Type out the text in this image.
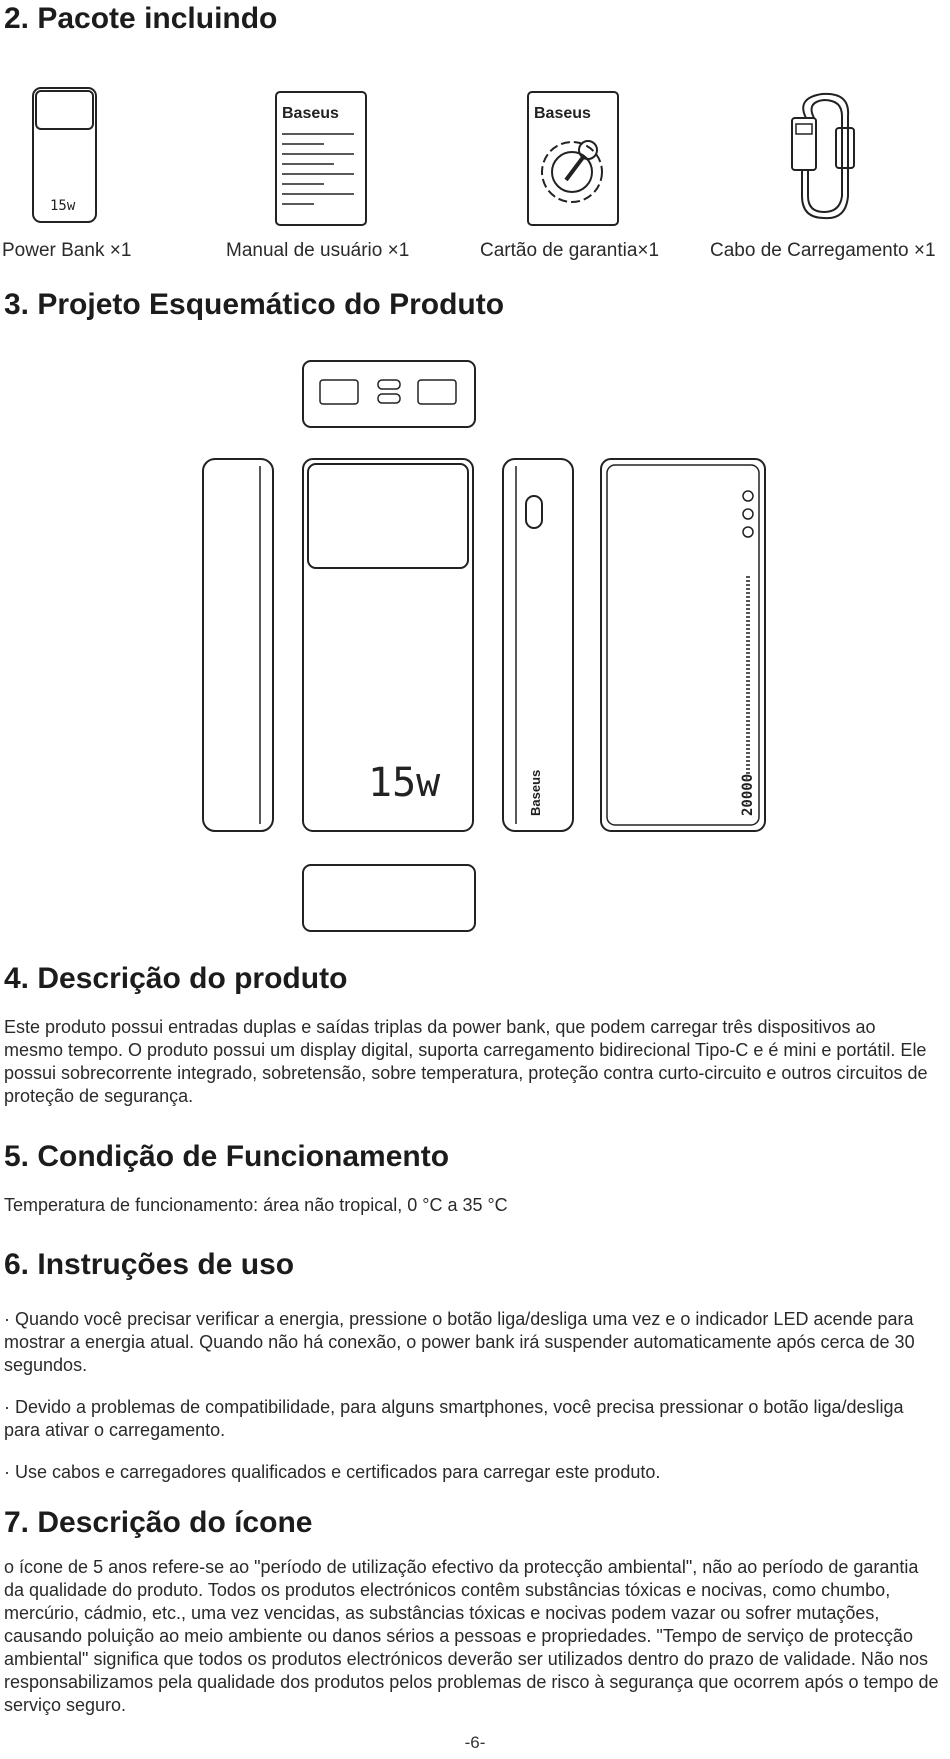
2. Pacote incluindo
15w
Baseus	Baseus
Power Bank ×1	Manual de usuário ×1	Cartão de garantia×1	Cabo de Carregamento ×1
3. Projeto Esquemático do Produto
15w	Baseus	20000
4. Descrição do produto

Este produto possui entradas duplas e saídas triplas da power bank, que podem carregar três dispositivos ao mesmo tempo. O produto possui um display digital, suporta carregamento bidirecional Tipo-C e é mini e portátil. Ele possui sobrecorrente integrado, sobretensão, sobre temperatura, proteção contra curto-circuito e outros circuitos de proteção de segurança.

5. Condição de Funcionamento

Temperatura de funcionamento: área não tropical, 0 °C a 35 °C

6. Instruções de uso

· Quando você precisar verificar a energia, pressione o botão liga/desliga uma vez e o indicador LED acende para mostrar a energia atual. Quando não há conexão, o power bank irá suspender automaticamente após cerca de 30 segundos.

· Devido a problemas de compatibilidade, para alguns smartphones, você precisa pressionar o botão liga/desliga para ativar o carregamento.

· Use cabos e carregadores qualificados e certificados para carregar este produto.

7. Descrição do ícone

o ícone de 5 anos refere-se ao "período de utilização efectivo da protecção ambiental", não ao período de garantia da qualidade do produto. Todos os produtos electrónicos contêm substâncias tóxicas e nocivas, como chumbo, mercúrio, cádmio, etc., uma vez vencidas, as substâncias tóxicas e nocivas podem vazar ou sofrer mutações, causando poluição ao meio ambiente ou danos sérios a pessoas e propriedades. "Tempo de serviço de protecção ambiental" significa que todos os produtos electrónicos deverão ser utilizados dentro do prazo de validade. Não nos responsabilizamos pela qualidade dos produtos pelos problemas de risco à segurança que ocorrem após o tempo de serviço seguro.

-6-
